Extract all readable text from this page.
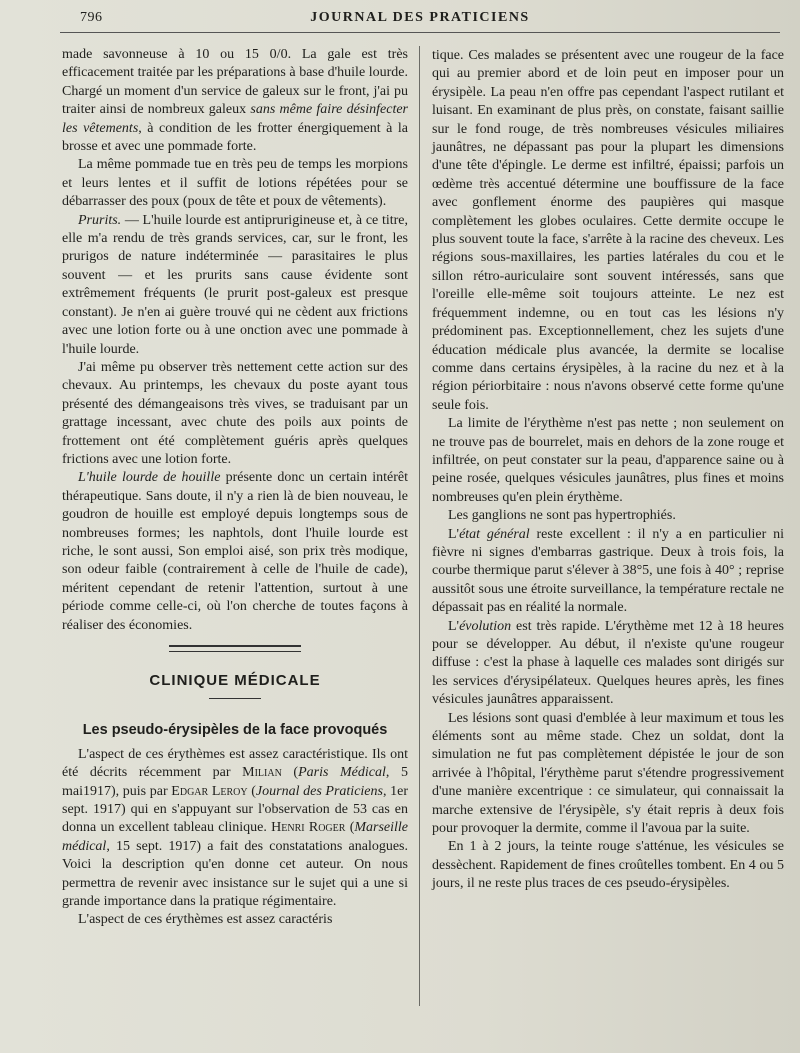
796	JOURNAL DES PRATICIENS

made savonneuse à 10 ou 15 0/0. La gale est très efficacement traitée par les préparations à base d'huile lourde. Chargé un moment d'un service de galeux sur le front, j'ai pu traiter ainsi de nombreux galeux sans même faire désinfecter les vêtements, à condition de les frotter énergiquement à la brosse et avec une pommade forte.

La même pommade tue en très peu de temps les morpions et leurs lentes et il suffit de lotions répétées pour se débarrasser des poux (poux de tête et poux de vêtements).

Prurits. — L'huile lourde est antiprurigineuse et, à ce titre, elle m'a rendu de très grands services, car, sur le front, les prurigos de nature indéterminée — parasitaires le plus souvent — et les prurits sans cause évidente sont extrêmement fréquents (le prurit post-galeux est presque constant). Je n'en ai guère trouvé qui ne cèdent aux frictions avec une lotion forte ou à une onction avec une pommade à l'huile lourde.

J'ai même pu observer très nettement cette action sur des chevaux. Au printemps, les chevaux du poste ayant tous présenté des démangeaisons très vives, se traduisant par un grattage incessant, avec chute des poils aux points de frottement ont été complètement guéris après quelques frictions avec une lotion forte.

L'huile lourde de houille présente donc un certain intérêt thérapeutique. Sans doute, il n'y a rien là de bien nouveau, le goudron de houille est employé depuis longtemps sous de nombreuses formes; les naphtols, dont l'huile lourde est riche, le sont aussi, Son emploi aisé, son prix très modique, son odeur faible (contrairement à celle de l'huile de cade), méritent cependant de retenir l'attention, surtout à une période comme celle-ci, où l'on cherche de toutes façons à réaliser des économies.

CLINIQUE MÉDICALE
Les pseudo-érysipèles de la face provoqués

L'aspect de ces érythèmes est assez caractéristique. Ils ont été décrits récemment par Milian (Paris Médical, 5 mai1917), puis par Edgar Leroy (Journal des Praticiens, 1er sept. 1917) qui en s'appuyant sur l'observation de 53 cas en donna un excellent tableau clinique. Henri Roger (Marseille médical, 15 sept. 1917) a fait des constatations analogues. Voici la description qu'en donne cet auteur. On nous permettra de revenir avec insistance sur le sujet qui a une si grande importance dans la pratique régimentaire.

L'aspect de ces érythèmes est assez caractéris

tique. Ces malades se présentent avec une rougeur de la face qui au premier abord et de loin peut en imposer pour un érysipèle. La peau n'en offre pas cependant l'aspect rutilant et luisant. En examinant de plus près, on constate, faisant saillie sur le fond rouge, de très nombreuses vésicules miliaires jaunâtres, ne dépassant pas pour la plupart les dimensions d'une tête d'épingle. Le derme est infiltré, épaissi; parfois un œdème très accentué détermine une bouffissure de la face avec gonflement énorme des paupières qui masque complètement les globes oculaires. Cette dermite occupe le plus souvent toute la face, s'arrête à la racine des cheveux. Les régions sous-maxillaires, les parties latérales du cou et le sillon rétro-auriculaire sont souvent intéressés, sans que l'oreille elle-même soit toujours atteinte. Le nez est fréquemment indemne, ou en tout cas les lésions n'y prédominent pas. Exceptionnellement, chez les sujets d'une éducation médicale plus avancée, la dermite se localise comme dans certains érysipèles, à la racine du nez et à la région périorbitaire : nous n'avons observé cette forme qu'une seule fois.

La limite de l'érythème n'est pas nette ; non seulement on ne trouve pas de bourrelet, mais en dehors de la zone rouge et infiltrée, on peut constater sur la peau, d'apparence saine ou à peine rosée, quelques vésicules jaunâtres, plus fines et moins nombreuses qu'en plein érythème.

Les ganglions ne sont pas hypertrophiés.

L'état général reste excellent : il n'y a en particulier ni fièvre ni signes d'embarras gastrique. Deux à trois fois, la courbe thermique parut s'élever à 38°5, une fois à 40° ; reprise aussitôt sous une étroite surveillance, la température rectale ne dépassait pas en réalité la normale.

L'évolution est très rapide. L'érythème met 12 à 18 heures pour se développer. Au début, il n'existe qu'une rougeur diffuse : c'est la phase à laquelle ces malades sont dirigés sur les services d'érysipélateux. Quelques heures après, les fines vésicules jaunâtres apparaissent.

Les lésions sont quasi d'emblée à leur maximum et tous les éléments sont au même stade. Chez un soldat, dont la simulation ne fut pas complètement dépistée le jour de son arrivée à l'hôpital, l'érythème parut s'étendre progressivement d'une manière excentrique : ce simulateur, qui connaissait la marche extensive de l'érysipèle, s'y était repris à deux fois pour provoquer la dermite, comme il l'avoua par la suite.

En 1 à 2 jours, la teinte rouge s'atténue, les vésicules se dessèchent. Rapidement de fines croûtelles tombent. En 4 ou 5 jours, il ne reste plus traces de ces pseudo-érysipèles.
